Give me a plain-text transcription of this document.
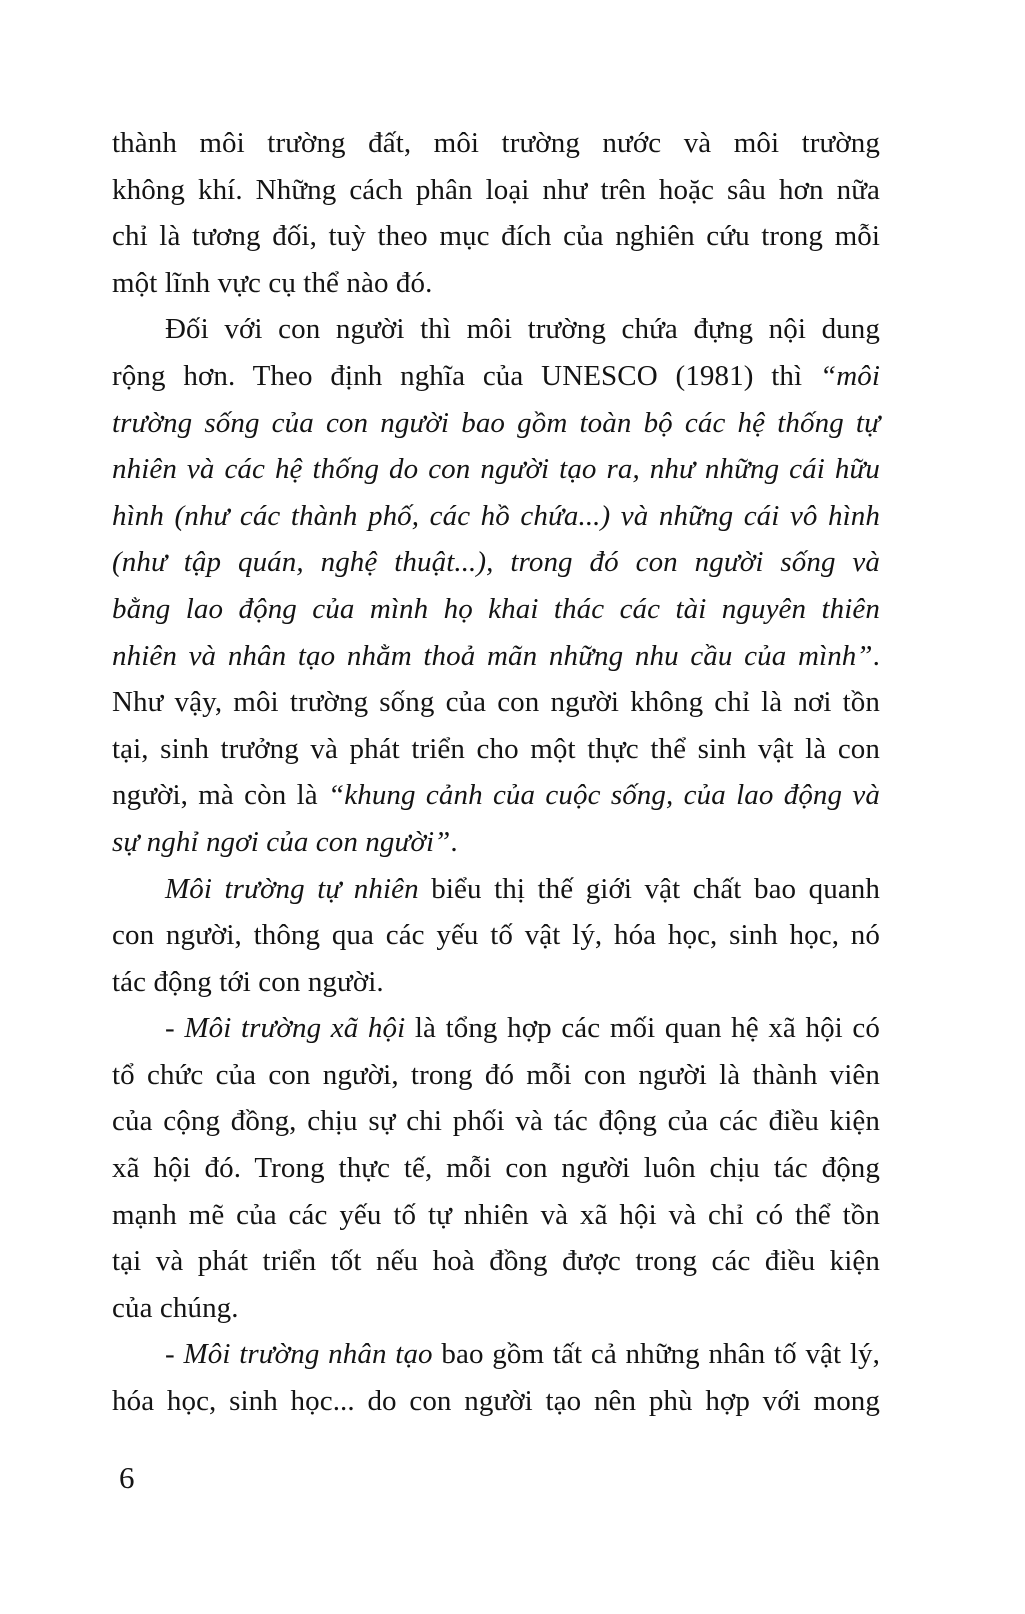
thành môi trường đất, môi trường nước và môi trường
không khí. Những cách phân loại như trên hoặc sâu hơn nữa
chỉ là tương đối, tuỳ theo mục đích của nghiên cứu trong mỗi
một lĩnh vực cụ thể nào đó.
Đối với con người thì môi trường chứa đựng nội dung
rộng hơn. Theo định nghĩa của UNESCO (1981) thì “môi
trường sống của con người bao gồm toàn bộ các hệ thống tự
nhiên và các hệ thống do con người tạo ra, như những cái hữu
hình (như các thành phố, các hồ chứa...) và những cái vô hình
(như tập quán, nghệ thuật...), trong đó con người sống và
bằng lao động của mình họ khai thác các tài nguyên thiên
nhiên và nhân tạo nhằm thoả mãn những nhu cầu của mình”.
Như vậy, môi trường sống của con người không chỉ là nơi tồn
tại, sinh trưởng và phát triển cho một thực thể sinh vật là con
người, mà còn là “khung cảnh của cuộc sống, của lao động và
sự nghỉ ngơi của con người”.
Môi trường tự nhiên biểu thị thế giới vật chất bao quanh
con người, thông qua các yếu tố vật lý, hóa học, sinh học, nó
tác động tới con người.
- Môi trường xã hội là tổng hợp các mối quan hệ xã hội có
tổ chức của con người, trong đó mỗi con người là thành viên
của cộng đồng, chịu sự chi phối và tác động của các điều kiện
xã hội đó. Trong thực tế, mỗi con người luôn chịu tác động
mạnh mẽ của các yếu tố tự nhiên và xã hội và chỉ có thể tồn
tại và phát triển tốt nếu hoà đồng được trong các điều kiện
của chúng.
- Môi trường nhân tạo bao gồm tất cả những nhân tố vật lý,
hóa học, sinh học... do con người tạo nên phù hợp với mong
6
